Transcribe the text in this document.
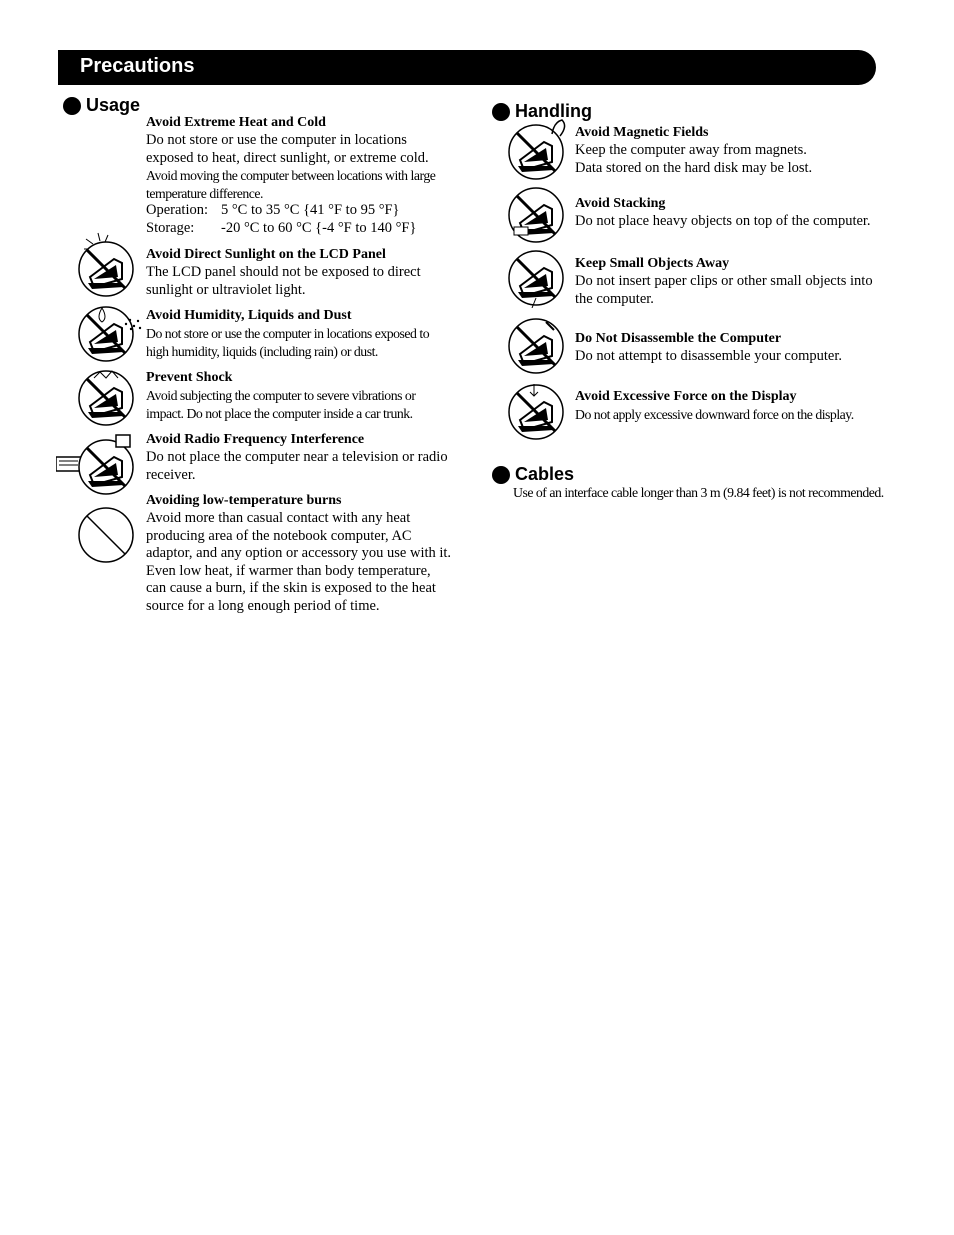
Precautions
Usage
Avoid Extreme Heat and Cold
Do not store or use the computer in locations exposed to heat, direct sunlight, or extreme cold.
Avoid moving the computer between locations with large temperature difference.
Operation: 5 °C to 35 °C {41 °F to 95 °F}
Storage:	-20 °C to 60 °C {-4 °F to 140 °F}
Avoid Direct Sunlight on the LCD Panel
The LCD panel should not be exposed to direct sunlight or ultraviolet light.
Avoid Humidity, Liquids and Dust
Do not store or use the computer in locations exposed to high humidity, liquids (including rain) or dust.
Prevent Shock
Avoid subjecting the computer to severe vibrations or impact. Do not place the computer inside a car trunk.
Avoid Radio Frequency Interference
Do not place the computer near a television or radio receiver.
Avoiding low-temperature burns
Avoid more than casual contact with any heat producing area of the notebook computer, AC adaptor, and any option or accessory you use with it. Even low heat, if warmer than body temperature, can cause a burn, if the skin is exposed to the heat source for a long enough period of time.
Handling
Avoid Magnetic Fields
Keep the computer away from magnets.
Data stored on the hard disk may be lost.
Avoid Stacking
Do not place heavy objects on top of the computer.
Keep Small Objects Away
Do not insert paper clips or other small objects into the computer.
Do Not Disassemble the Computer
Do not attempt to disassemble your computer.
Avoid Excessive Force on the Display
Do not apply excessive downward force on the display.
Cables
Use of an interface cable longer than 3 m (9.84 feet) is not recommended.
